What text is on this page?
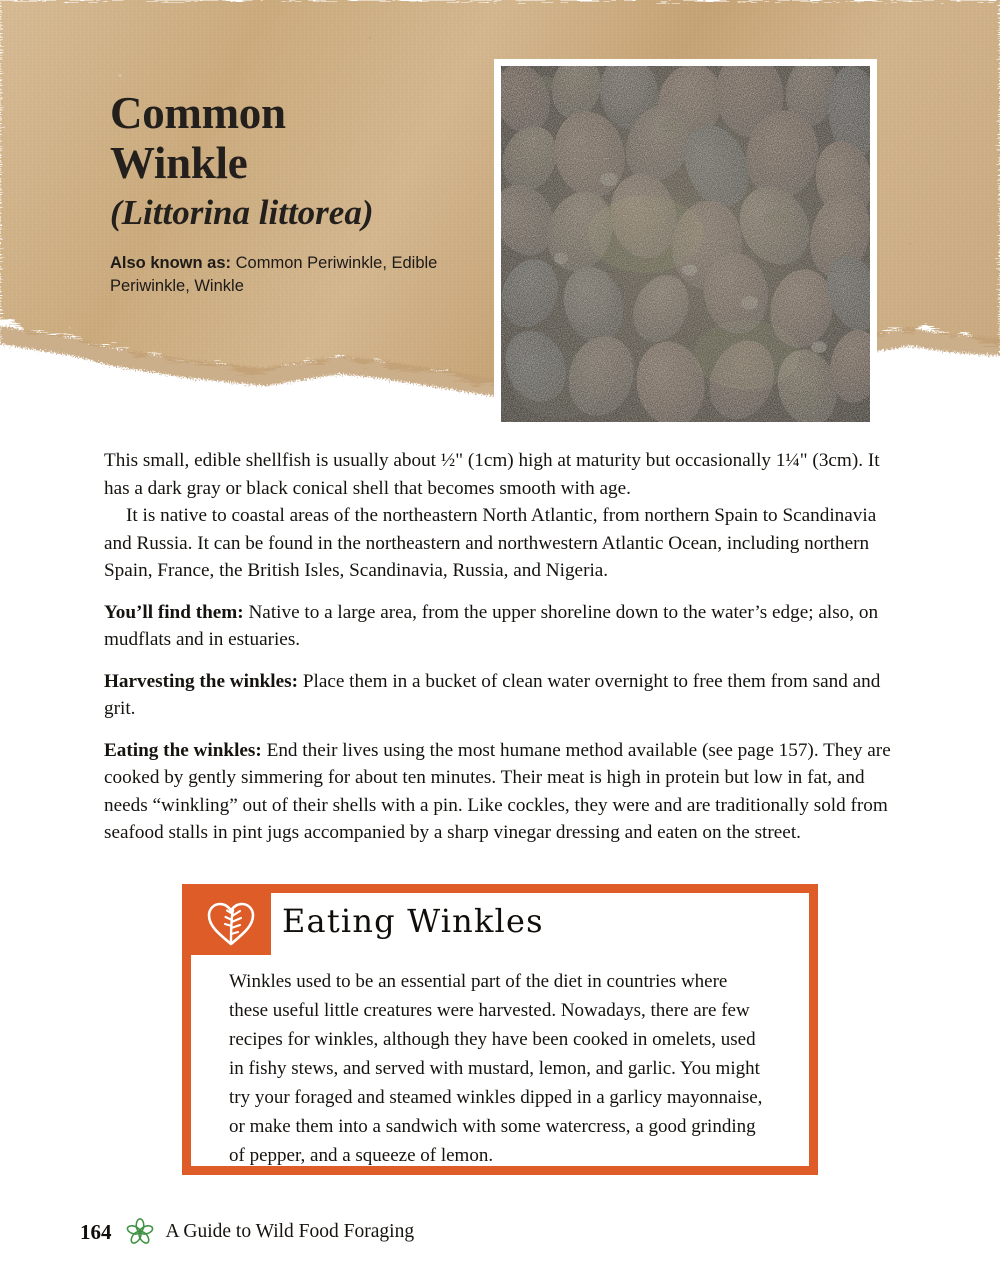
Common
Winkle
(Littorina littorea)
Also known as: Common Periwinkle, Edible Periwinkle, Winkle

This small, edible shellfish is usually about ½" (1cm) high at maturity but occasionally 1¼" (3cm). It has a dark gray or black conical shell that becomes smooth with age.

It is native to coastal areas of the northeastern North Atlantic, from northern Spain to Scandinavia and Russia. It can be found in the northeastern and northwestern Atlantic Ocean, including northern Spain, France, the British Isles, Scandinavia, Russia, and Nigeria.

You’ll find them: Native to a large area, from the upper shoreline down to the water’s edge; also, on mudflats and in estuaries.

Harvesting the winkles: Place them in a bucket of clean water overnight to free them from sand and grit.

Eating the winkles: End their lives using the most humane method available (see page 157). They are cooked by gently simmering for about ten minutes. Their meat is high in protein but low in fat, and needs “winkling” out of their shells with a pin. Like cockles, they were and are traditionally sold from seafood stalls in pint jugs accompanied by a sharp vinegar dressing and eaten on the street.

Eating Winkles

Winkles used to be an essential part of the diet in countries where these useful little creatures were harvested. Nowadays, there are few recipes for winkles, although they have been cooked in omelets, used in fishy stews, and served with mustard, lemon, and garlic. You might try your foraged and steamed winkles dipped in a garlicy mayonnaise, or make them into a sandwich with some watercress, a good grinding of pepper, and a squeeze of lemon.

164	A Guide to Wild Food Foraging
